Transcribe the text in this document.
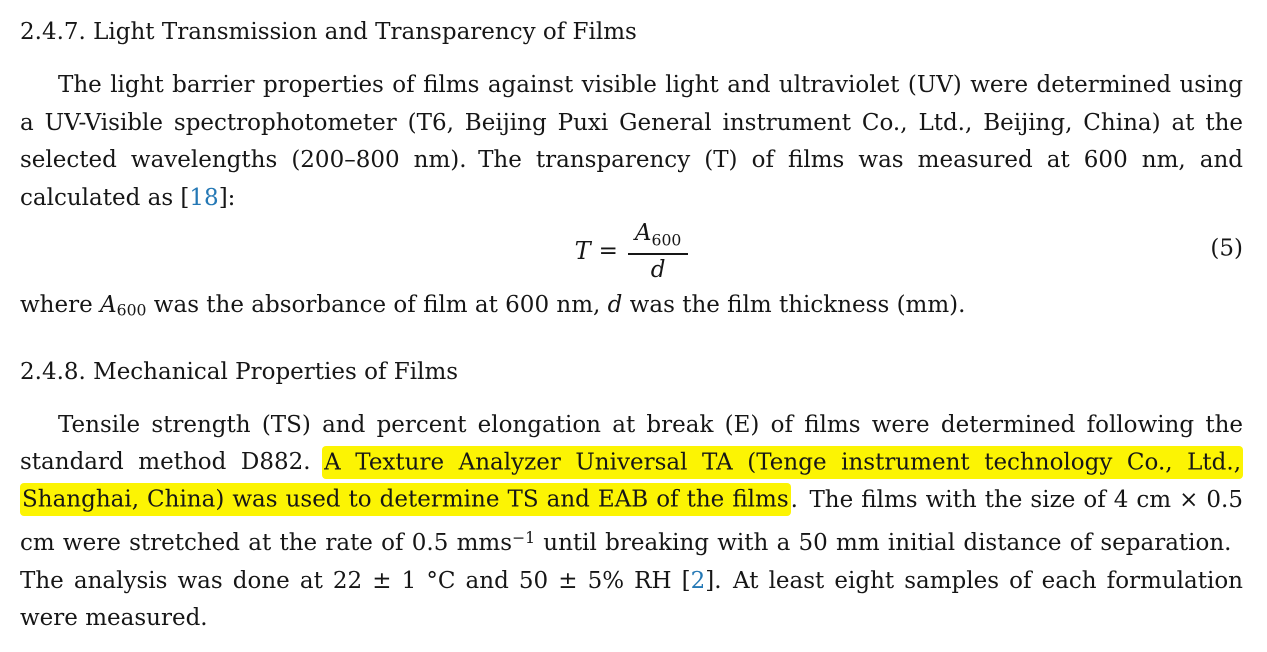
2.4.7. Light Transmission and Transparency of Films

The light barrier properties of films against visible light and ultraviolet (UV) were determined using a UV-Visible spectrophotometer (T6, Beijing Puxi General instrument Co., Ltd., Beijing, China) at the selected wavelengths (200–800 nm). The transparency (T) of films was measured at 600 nm, and calculated as [18]:

$T = \frac{A_{600}}{d}$	(5)

where A600 was the absorbance of film at 600 nm, d was the film thickness (mm).

2.4.8. Mechanical Properties of Films

Tensile strength (TS) and percent elongation at break (E) of films were determined following the standard method D882. A Texture Analyzer Universal TA (Tenge instrument technology Co., Ltd., Shanghai, China) was used to determine TS and EAB of the films. The films with the size of 4 cm × 0.5 cm were stretched at the rate of 0.5 mms$^{-1}$ until breaking with a 50 mm initial distance of separation. The analysis was done at 22 ± 1 °C and 50 ± 5% RH [2]. At least eight samples of each formulation were measured.
